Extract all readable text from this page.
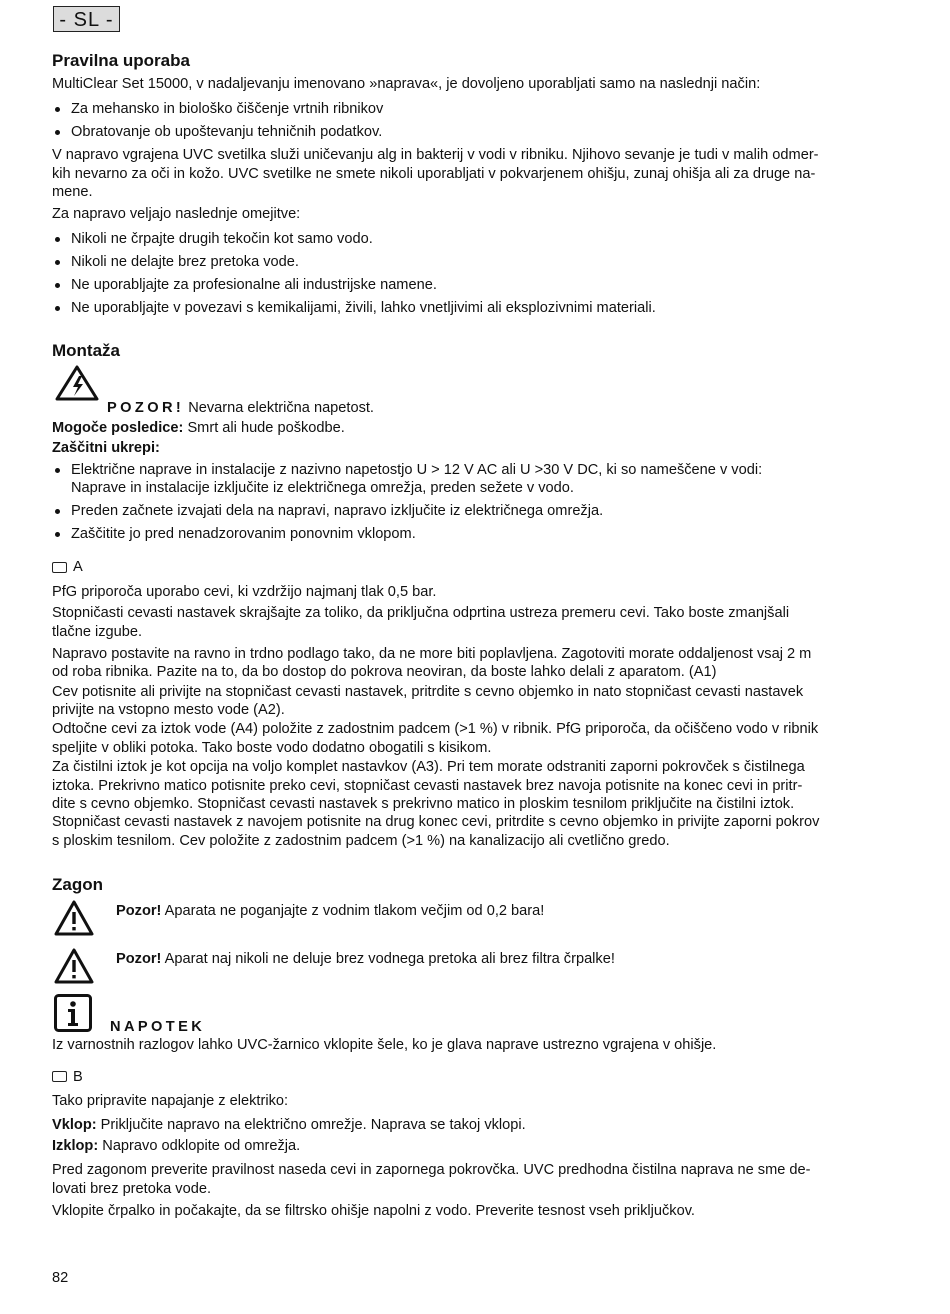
- SL -
Pravilna uporaba

MultiClear Set 15000, v nadaljevanju imenovano »naprava«, je dovoljeno uporabljati samo na naslednji način:

Za mehansko in biološko čiščenje vrtnih ribnikov
Obratovanje ob upoštevanju tehničnih podatkov.

V napravo vgrajena UVC svetilka služi uničevanju alg in bakterij v vodi v ribniku. Njihovo sevanje je tudi v malih odmer-
kih nevarno za oči in kožo. UVC svetilke ne smete nikoli uporabljati v pokvarjenem ohišju, zunaj ohišja ali za druge na-
mene.

Za napravo veljajo naslednje omejitve:

Nikoli ne črpajte drugih tekočin kot samo vodo.
Nikoli ne delajte brez pretoka vode.
Ne uporabljajte za profesionalne ali industrijske namene.
Ne uporabljajte v povezavi s kemikalijami, živili, lahko vnetljivimi ali eksplozivnimi materiali.
Montaža

POZOR! Nevarna električna napetost.

Mogoče posledice: Smrt ali hude poškodbe.

Zaščitni ukrepi:

Električne naprave in instalacije z nazivno napetostjo U > 12 V AC ali U >30 V DC, ki so nameščene v vodi:
Naprave in instalacije izključite iz električnega omrežja, preden sežete v vodo.
Preden začnete izvajati dela na napravi, napravo izključite iz električnega omrežja.
Zaščitite jo pred nenadzorovanim ponovnim vklopom.

A

PfG priporoča uporabo cevi, ki vzdržijo najmanj tlak 0,5 bar.

Stopničasti cevasti nastavek skrajšajte za toliko, da priključna odprtina ustreza premeru cevi. Tako boste zmanjšali
tlačne izgube.

Napravo postavite na ravno in trdno podlago tako, da ne more biti poplavljena. Zagotoviti morate oddaljenost vsaj 2 m
od roba ribnika. Pazite na to, da bo dostop do pokrova neoviran, da boste lahko delali z aparatom. (A1)

Cev potisnite ali privijte na stopničast cevasti nastavek, pritrdite s cevno objemko in nato stopničast cevasti nastavek
privijte na vstopno mesto vode (A2).

Odtočne cevi za iztok vode (A4) položite z zadostnim padcem (>1 %) v ribnik. PfG priporoča, da očiščeno vodo v ribnik
speljite v obliki potoka. Tako boste vodo dodatno obogatili s kisikom.

Za čistilni iztok je kot opcija na voljo komplet nastavkov (A3). Pri tem morate odstraniti zaporni pokrovček s čistilnega
iztoka. Prekrivno matico potisnite preko cevi, stopničast cevasti nastavek brez navoja potisnite na konec cevi in pritr-
dite s cevno objemko. Stopničast cevasti nastavek s prekrivno matico in ploskim tesnilom priključite na čistilni iztok.
Stopničast cevasti nastavek z navojem potisnite na drug konec cevi, pritrdite s cevno objemko in privijte zaporni pokrov
s ploskim tesnilom. Cev položite z zadostnim padcem (>1 %) na kanalizacijo ali cvetlično gredo.

Zagon
Pozor! Aparata ne poganjajte z vodnim tlakom večjim od 0,2 bara!
Pozor! Aparat naj nikoli ne deluje brez vodnega pretoka ali brez filtra črpalke!
NAPOTEK

Iz varnostnih razlogov lahko UVC-žarnico vklopite šele, ko je glava naprave ustrezno vgrajena v ohišje.

B

Tako pripravite napajanje z elektriko:

Vklop: Priključite napravo na električno omrežje. Naprava se takoj vklopi.

Izklop: Napravo odklopite od omrežja.

Pred zagonom preverite pravilnost naseda cevi in zapornega pokrovčka. UVC predhodna čistilna naprava ne sme de-
lovati brez pretoka vode.

Vklopite črpalko in počakajte, da se filtrsko ohišje napolni z vodo. Preverite tesnost vseh priključkov.

82
